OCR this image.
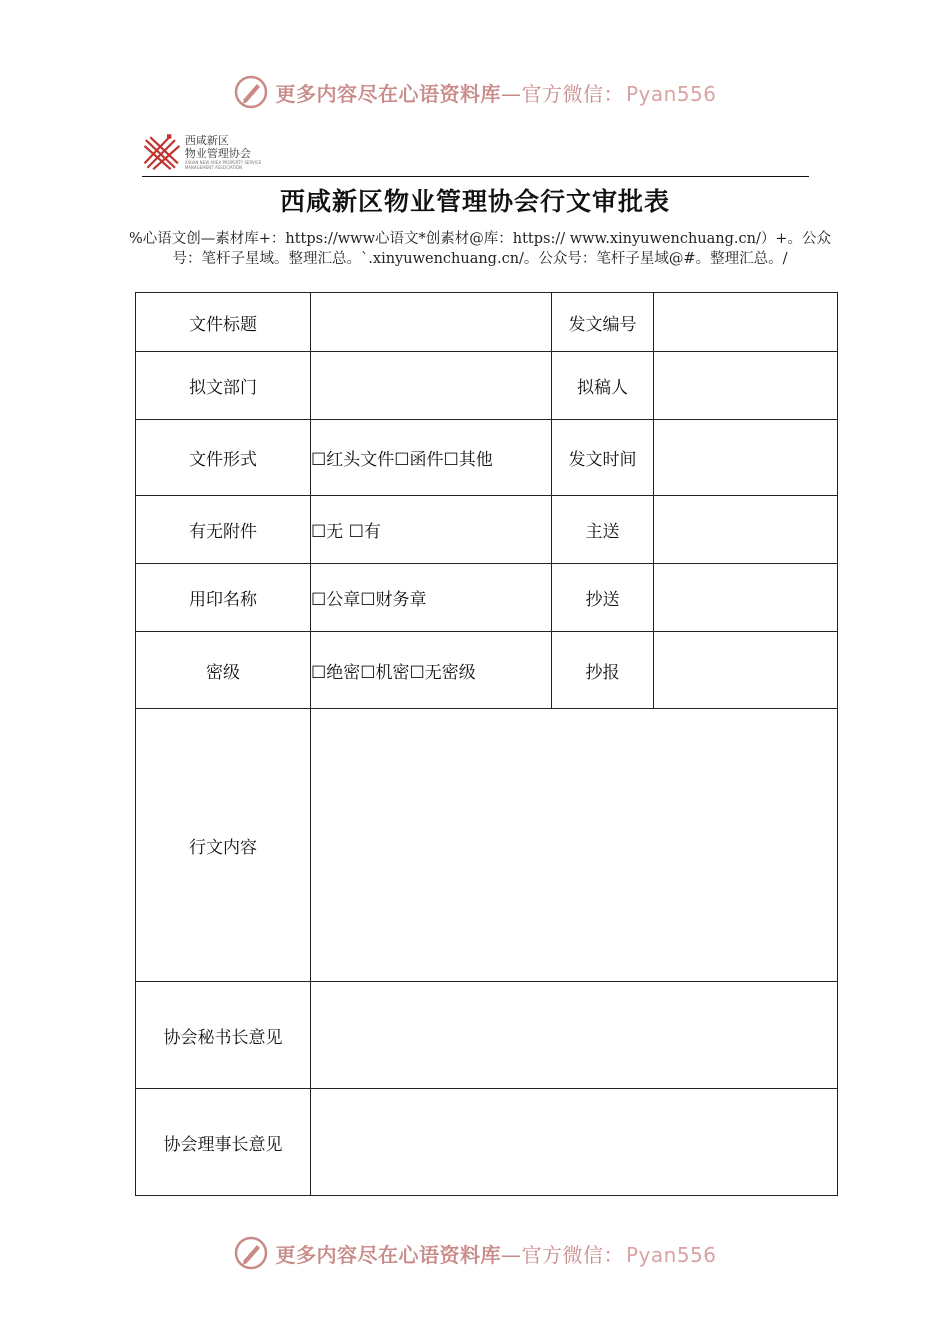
更多内容尽在心语资料库—官方微信： Pyan556
西咸新区
物业管理协会
XIXIAN NEW AREA PROPERTY SERVICE MANAGEMENT ASSOCIATION
西咸新区物业管理协会行文审批表
%心语文创—素材库+：https://www心语文*创素材@库：https:// www.xinyuwenchuang.cn/）+。公众号：笔杆子星域。整理汇总。`.xinyuwenchuang.cn/。公众号：笔杆子星域@#。整理汇总。/
文件标题		发文编号	
拟文部门		拟稿人	
文件形式	☐红头文件☐函件☐其他	发文时间	
有无附件	☐无 ☐有	主送	
用印名称	☐公章☐财务章	抄送	
密级	☐绝密☐机密☐无密级	抄报	
行文内容			
协会秘书长意见			
协会理事长意见			
更多内容尽在心语资料库—官方微信： Pyan556
